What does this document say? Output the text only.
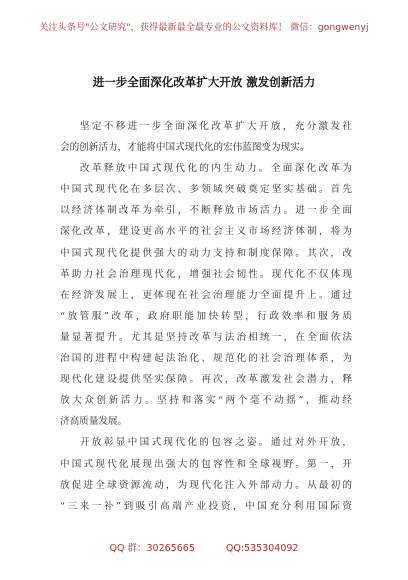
关注头条号"公文研究"，获得最新最全最专业的公文资料库！ 微信：gongwenyj
进一步全面深化改革扩大开放 激发创新活力
坚定不移进一步全面深化改革扩大开放，充分激发社
会的创新活力，才能将中国式现代化的宏伟蓝图变为现实。
改革释放中国式现代化的内生动力。全面深化改革为
中国式现代化在多层次、多领域突破奠定坚实基础。首先
以经济体制改革为牵引，不断释放市场活力。进一步全面
深化改革，建设更高水平的社会主义市场经济体制，将为
中国式现代化提供强大的动力支持和制度保障。其次，改
革助力社会治理现代化，增强社会韧性。现代化不仅体现
在经济发展上，更体现在社会治理能力全面提升上。通过
“放管服”改革，政府职能加快转型，行政效率和服务质
量显著提升。尤其是坚持改革与法治相统一，在全面依法
治国的进程中构建起法治化、规范化的社会治理体系，为
现代化建设提供坚实保障。再次，改革激发社会潜力，释
放大众创新活力。坚持和落实“两个毫不动摇”，推动经
济高质量发展。
开放彰显中国式现代化的包容之姿。通过对外开放，
中国式现代化展现出强大的包容性和全球视野。第一，开
放促进全球资源流动，为现代化注入外部动力。从最初的
“三来一补”到吸引高端产业投资，中国充分利用国际资
QQ 群：30265665	QQ:535304092
